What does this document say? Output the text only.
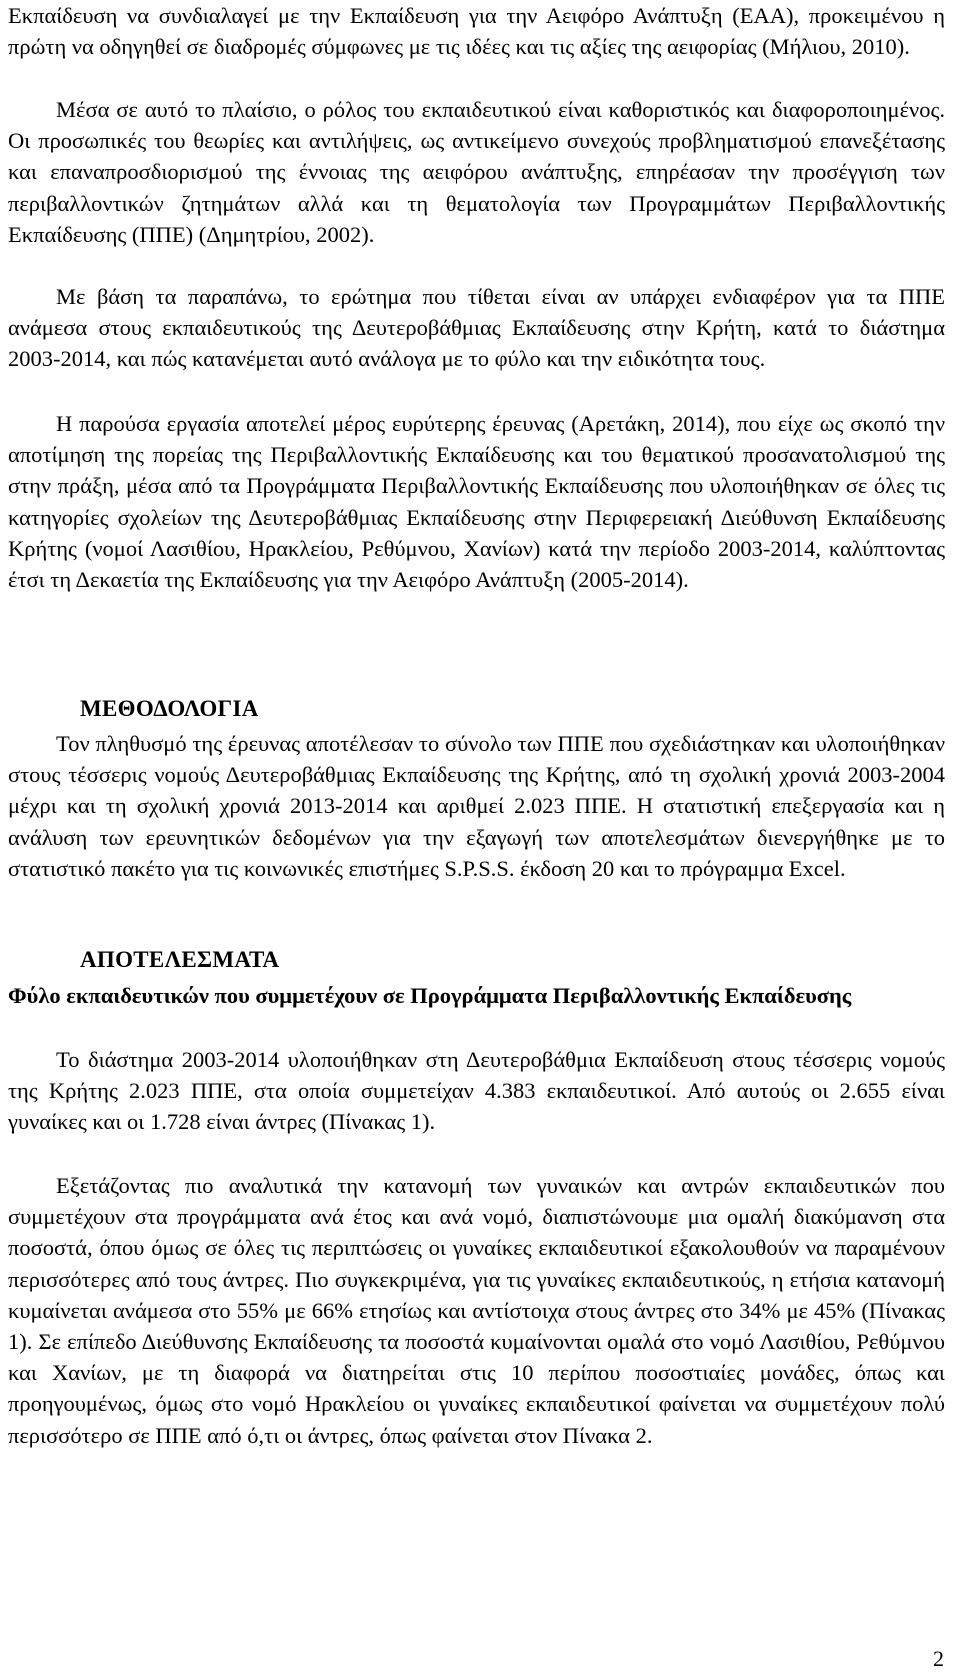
Εκπαίδευση να συνδιαλαγεί με την Εκπαίδευση για την Αειφόρο Ανάπτυξη (ΕΑΑ), προκειμένου η πρώτη να οδηγηθεί σε διαδρομές σύμφωνες με τις ιδέες και τις αξίες της αειφορίας (Μήλιου, 2010).

Μέσα σε αυτό το πλαίσιο, ο ρόλος του εκπαιδευτικού είναι καθοριστικός και διαφοροποιημένος. Οι προσωπικές του θεωρίες και αντιλήψεις, ως αντικείμενο συνεχούς προβληματισμού επανεξέτασης και επαναπροσδιορισμού της έννοιας της αειφόρου ανάπτυξης, επηρέασαν την προσέγγιση των περιβαλλοντικών ζητημάτων αλλά και τη θεματολογία των Προγραμμάτων Περιβαλλοντικής Εκπαίδευσης (ΠΠΕ) (Δημητρίου, 2002).

Με βάση τα παραπάνω, το ερώτημα που τίθεται είναι αν υπάρχει ενδιαφέρον για τα ΠΠΕ ανάμεσα στους εκπαιδευτικούς της Δευτεροβάθμιας Εκπαίδευσης στην Κρήτη, κατά το διάστημα 2003-2014, και πώς κατανέμεται αυτό ανάλογα με το φύλο και την ειδικότητα τους.

Η παρούσα εργασία αποτελεί μέρος ευρύτερης έρευνας (Αρετάκη, 2014), που είχε ως σκοπό την αποτίμηση της πορείας της Περιβαλλοντικής Εκπαίδευσης και του θεματικού προσανατολισμού της στην πράξη, μέσα από τα Προγράμματα Περιβαλλοντικής Εκπαίδευσης που υλοποιήθηκαν σε όλες τις κατηγορίες σχολείων της Δευτεροβάθμιας Εκπαίδευσης στην Περιφερειακή Διεύθυνση Εκπαίδευσης Κρήτης (νομοί Λασιθίου, Ηρακλείου, Ρεθύμνου, Χανίων) κατά την περίοδο 2003-2014, καλύπτοντας έτσι τη Δεκαετία της Εκπαίδευσης για την Αειφόρο Ανάπτυξη (2005-2014).

ΜΕΘΟΔΟΛΟΓΙΑ

Τον πληθυσμό της έρευνας αποτέλεσαν το σύνολο των ΠΠΕ που σχεδιάστηκαν και υλοποιήθηκαν στους τέσσερις νομούς Δευτεροβάθμιας Εκπαίδευσης της Κρήτης, από τη σχολική χρονιά 2003-2004 μέχρι και τη σχολική χρονιά 2013-2014 και αριθμεί 2.023 ΠΠΕ. Η στατιστική επεξεργασία και η ανάλυση των ερευνητικών δεδομένων για την εξαγωγή των αποτελεσμάτων διενεργήθηκε με το στατιστικό πακέτο για τις κοινωνικές επιστήμες S.P.S.S. έκδοση 20 και το πρόγραμμα Excel.

ΑΠΟΤΕΛΕΣΜΑΤΑ

Φύλο εκπαιδευτικών που συμμετέχουν σε Προγράμματα Περιβαλλοντικής Εκπαίδευσης

Το διάστημα 2003-2014 υλοποιήθηκαν στη Δευτεροβάθμια Εκπαίδευση στους τέσσερις νομούς της Κρήτης 2.023 ΠΠΕ, στα οποία συμμετείχαν 4.383 εκπαιδευτικοί. Από αυτούς οι 2.655 είναι γυναίκες και οι 1.728 είναι άντρες (Πίνακας 1).

Εξετάζοντας πιο αναλυτικά την κατανομή των γυναικών και αντρών εκπαιδευτικών που συμμετέχουν στα προγράμματα ανά έτος και ανά νομό, διαπιστώνουμε μια ομαλή διακύμανση στα ποσοστά, όπου όμως σε όλες τις περιπτώσεις οι γυναίκες εκπαιδευτικοί εξακολουθούν να παραμένουν περισσότερες από τους άντρες. Πιο συγκεκριμένα, για τις γυναίκες εκπαιδευτικούς, η ετήσια κατανομή κυμαίνεται ανάμεσα στο 55% με 66% ετησίως και αντίστοιχα στους άντρες στο 34% με 45% (Πίνακας 1). Σε επίπεδο Διεύθυνσης Εκπαίδευσης τα ποσοστά κυμαίνονται ομαλά στο νομό Λασιθίου, Ρεθύμνου και Χανίων, με τη διαφορά να διατηρείται στις 10 περίπου ποσοστιαίες μονάδες, όπως και προηγουμένως, όμως στο νομό Ηρακλείου οι γυναίκες εκπαιδευτικοί φαίνεται να συμμετέχουν πολύ περισσότερο σε ΠΠΕ από ό,τι οι άντρες, όπως φαίνεται στον Πίνακα 2.

2
